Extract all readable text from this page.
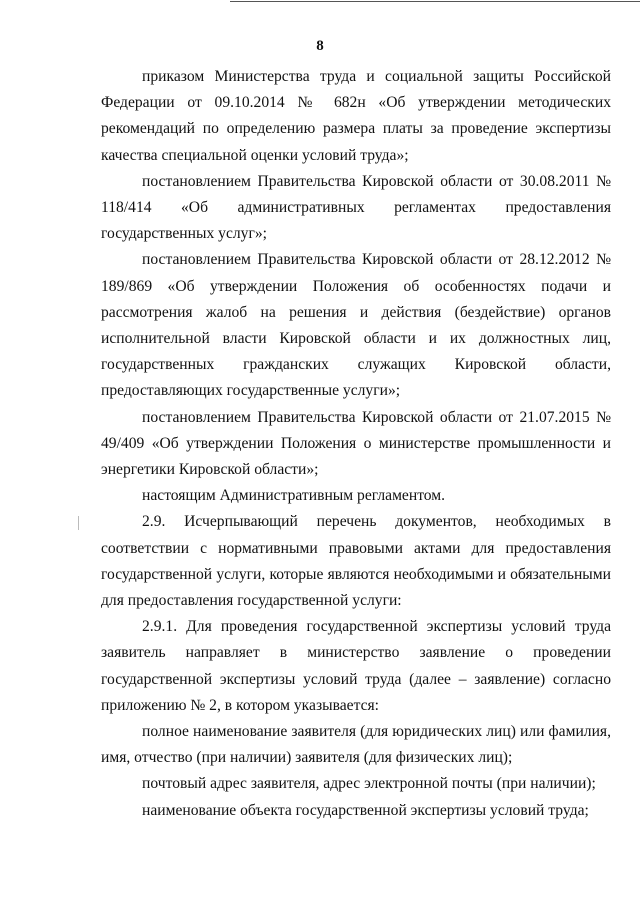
8

приказом Министерства труда и социальной защиты Российской Федерации от 09.10.2014 № 682н «Об утверждении методических рекомендаций по определению размера платы за проведение экспертизы качества специальной оценки условий труда»;

постановлением Правительства Кировской области от 30.08.2011 № 118/414 «Об административных регламентах предоставления государственных услуг»;

постановлением Правительства Кировской области от 28.12.2012 № 189/869 «Об утверждении Положения об особенностях подачи и рассмотрения жалоб на решения и действия (бездействие) органов исполнительной власти Кировской области и их должностных лиц, государственных гражданских служащих Кировской области, предоставляющих государственные услуги»;

постановлением Правительства Кировской области от 21.07.2015 № 49/409 «Об утверждении Положения о министерстве промышленности и энергетики Кировской области»;

настоящим Административным регламентом.

2.9. Исчерпывающий перечень документов, необходимых в соответствии с нормативными правовыми актами для предоставления государственной услуги, которые являются необходимыми и обязательными для предоставления государственной услуги:

2.9.1. Для проведения государственной экспертизы условий труда заявитель направляет в министерство заявление о проведении государственной экспертизы условий труда (далее – заявление) согласно приложению № 2, в котором указывается:

полное наименование заявителя (для юридических лиц) или фамилия, имя, отчество (при наличии) заявителя (для физических лиц);

почтовый адрес заявителя, адрес электронной почты (при наличии);

наименование объекта государственной экспертизы условий труда;
